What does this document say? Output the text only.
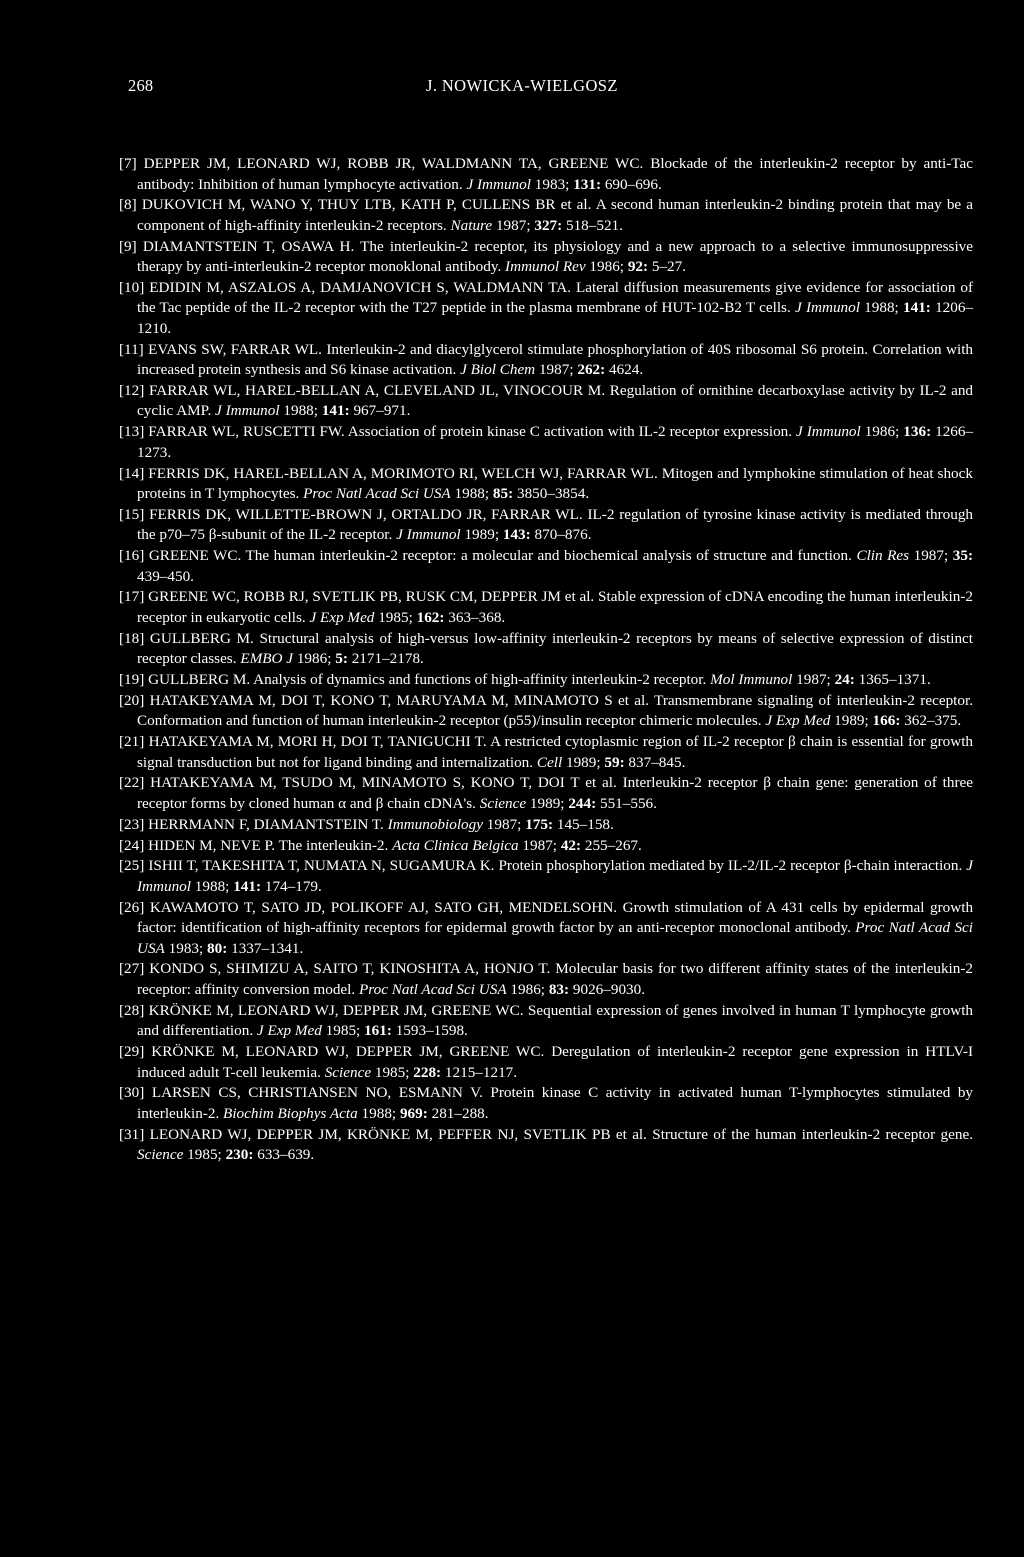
268	J. NOWICKA-WIELGOSZ
[7] DEPPER JM, LEONARD WJ, ROBB JR, WALDMANN TA, GREENE WC. Blockade of the interleukin-2 receptor by anti-Tac antibody: Inhibition of human lymphocyte activation. J Immunol 1983; 131: 690–696.
[8] DUKOVICH M, WANO Y, THUY LTB, KATH P, CULLENS BR et al. A second human interleukin-2 binding protein that may be a component of high-affinity interleukin-2 receptors. Nature 1987; 327: 518–521.
[9] DIAMANTSTEIN T, OSAWA H. The interleukin-2 receptor, its physiology and a new approach to a selective immunosuppressive therapy by anti-interleukin-2 receptor monoklonal antibody. Immunol Rev 1986; 92: 5–27.
[10] EDIDIN M, ASZALOS A, DAMJANOVICH S, WALDMANN TA. Lateral diffusion measurements give evidence for association of the Tac peptide of the IL-2 receptor with the T27 peptide in the plasma membrane of HUT-102-B2 T cells. J Immunol 1988; 141: 1206–1210.
[11] EVANS SW, FARRAR WL. Interleukin-2 and diacylglycerol stimulate phosphorylation of 40S ribosomal S6 protein. Correlation with increased protein synthesis and S6 kinase activation. J Biol Chem 1987; 262: 4624.
[12] FARRAR WL, HAREL-BELLAN A, CLEVELAND JL, VINOCOUR M. Regulation of ornithine decarboxylase activity by IL-2 and cyclic AMP. J Immunol 1988; 141: 967–971.
[13] FARRAR WL, RUSCETTI FW. Association of protein kinase C activation with IL-2 receptor expression. J Immunol 1986; 136: 1266–1273.
[14] FERRIS DK, HAREL-BELLAN A, MORIMOTO RI, WELCH WJ, FARRAR WL. Mitogen and lymphokine stimulation of heat shock proteins in T lymphocytes. Proc Natl Acad Sci USA 1988; 85: 3850–3854.
[15] FERRIS DK, WILLETTE-BROWN J, ORTALDO JR, FARRAR WL. IL-2 regulation of tyrosine kinase activity is mediated through the p70–75 β-subunit of the IL-2 receptor. J Immunol 1989; 143: 870–876.
[16] GREENE WC. The human interleukin-2 receptor: a molecular and biochemical analysis of structure and function. Clin Res 1987; 35: 439–450.
[17] GREENE WC, ROBB RJ, SVETLIK PB, RUSK CM, DEPPER JM et al. Stable expression of cDNA encoding the human interleukin-2 receptor in eukaryotic cells. J Exp Med 1985; 162: 363–368.
[18] GULLBERG M. Structural analysis of high-versus low-affinity interleukin-2 receptors by means of selective expression of distinct receptor classes. EMBO J 1986; 5: 2171–2178.
[19] GULLBERG M. Analysis of dynamics and functions of high-affinity interleukin-2 receptor. Mol Immunol 1987; 24: 1365–1371.
[20] HATAKEYAMA M, DOI T, KONO T, MARUYAMA M, MINAMOTO S et al. Transmembrane signaling of interleukin-2 receptor. Conformation and function of human interleukin-2 receptor (p55)/insulin receptor chimeric molecules. J Exp Med 1989; 166: 362–375.
[21] HATAKEYAMA M, MORI H, DOI T, TANIGUCHI T. A restricted cytoplasmic region of IL-2 receptor β chain is essential for growth signal transduction but not for ligand binding and internalization. Cell 1989; 59: 837–845.
[22] HATAKEYAMA M, TSUDO M, MINAMOTO S, KONO T, DOI T et al. Interleukin-2 receptor β chain gene: generation of three receptor forms by cloned human α and β chain cDNA's. Science 1989; 244: 551–556.
[23] HERRMANN F, DIAMANTSTEIN T. Immunobiology 1987; 175: 145–158.
[24] HIDEN M, NEVE P. The interleukin-2. Acta Clinica Belgica 1987; 42: 255–267.
[25] ISHII T, TAKESHITA T, NUMATA N, SUGAMURA K. Protein phosphorylation mediated by IL-2/IL-2 receptor β-chain interaction. J Immunol 1988; 141: 174–179.
[26] KAWAMOTO T, SATO JD, POLIKOFF AJ, SATO GH, MENDELSOHN. Growth stimulation of A 431 cells by epidermal growth factor: identification of high-affinity receptors for epidermal growth factor by an anti-receptor monoclonal antibody. Proc Natl Acad Sci USA 1983; 80: 1337–1341.
[27] KONDO S, SHIMIZU A, SAITO T, KINOSHITA A, HONJO T. Molecular basis for two different affinity states of the interleukin-2 receptor: affinity conversion model. Proc Natl Acad Sci USA 1986; 83: 9026–9030.
[28] KRÖNKE M, LEONARD WJ, DEPPER JM, GREENE WC. Sequential expression of genes involved in human T lymphocyte growth and differentiation. J Exp Med 1985; 161: 1593–1598.
[29] KRÖNKE M, LEONARD WJ, DEPPER JM, GREENE WC. Deregulation of interleukin-2 receptor gene expression in HTLV-I induced adult T-cell leukemia. Science 1985; 228: 1215–1217.
[30] LARSEN CS, CHRISTIANSEN NO, ESMANN V. Protein kinase C activity in activated human T-lymphocytes stimulated by interleukin-2. Biochim Biophys Acta 1988; 969: 281–288.
[31] LEONARD WJ, DEPPER JM, KRÖNKE M, PEFFER NJ, SVETLIK PB et al. Structure of the human interleukin-2 receptor gene. Science 1985; 230: 633–639.
